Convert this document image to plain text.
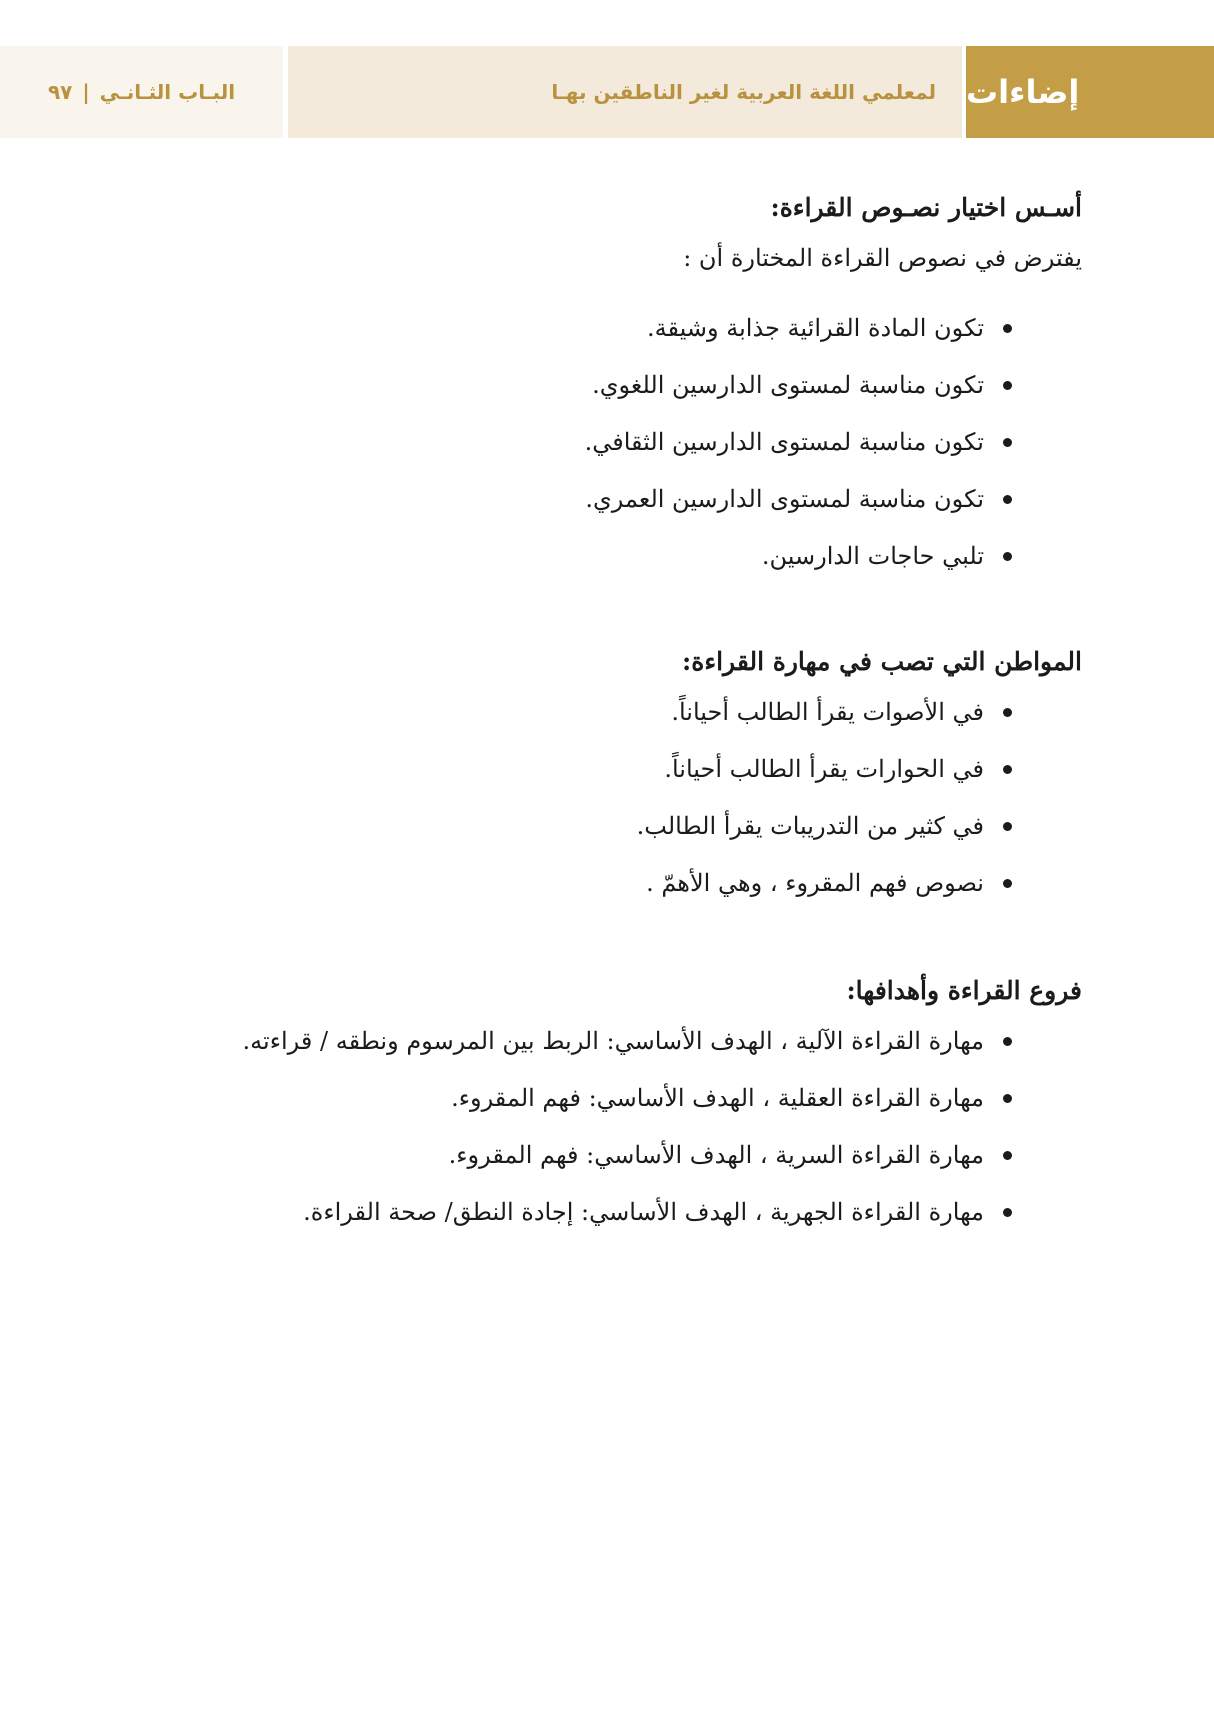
البـاب الثـانـي
|
٩٧	لمعلمي اللغة العربية لغير الناطقين بهـا إضاءات
أسـس اختيار نصـوص القراءة:

يفترض في نصوص القراءة المختارة أن :

تكون المادة القرائية جذابة وشيقة.
تكون مناسبة لمستوى الدارسين اللغوي.
تكون مناسبة لمستوى الدارسين الثقافي.
تكون مناسبة لمستوى الدارسين العمري.
تلبي حاجات الدارسين.
المواطن التي تصب في مهارة القراءة:
في الأصوات يقرأ الطالب أحياناً.
في الحوارات يقرأ الطالب أحياناً.
في كثير من التدريبات يقرأ الطالب.
نصوص فهم المقروء ، وهي الأهمّ .
فروع القراءة وأهدافها:
مهارة القراءة الآلية ، الهدف الأساسي: الربط بين المرسوم ونطقه / قراءته.
مهارة القراءة العقلية ، الهدف الأساسي: فهم المقروء.
مهارة القراءة السرية ، الهدف الأساسي: فهم المقروء.
مهارة القراءة الجهرية ، الهدف الأساسي: إجادة النطق/ صحة القراءة.
